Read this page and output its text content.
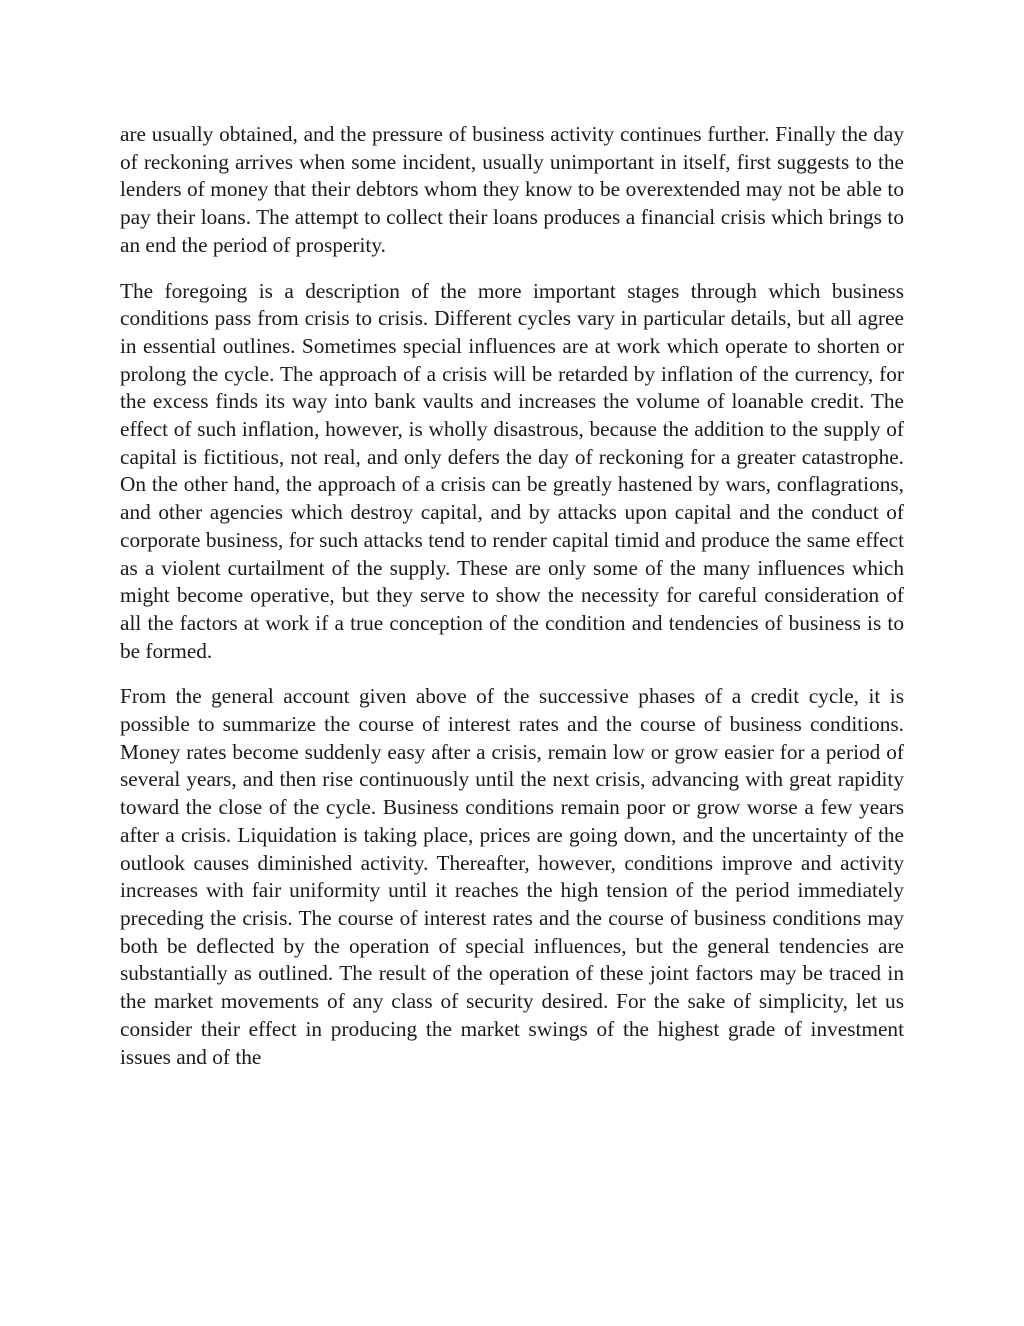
are usually obtained, and the pressure of business activity continues further. Finally the day of reckoning arrives when some incident, usually unimportant in itself, first suggests to the lenders of money that their debtors whom they know to be overextended may not be able to pay their loans. The attempt to collect their loans produces a financial crisis which brings to an end the period of prosperity.

The foregoing is a description of the more important stages through which business conditions pass from crisis to crisis. Different cycles vary in particular details, but all agree in essential outlines. Sometimes special influences are at work which operate to shorten or prolong the cycle. The approach of a crisis will be retarded by inflation of the currency, for the excess finds its way into bank vaults and increases the volume of loanable credit. The effect of such inflation, however, is wholly disastrous, because the addition to the supply of capital is fictitious, not real, and only defers the day of reckoning for a greater catastrophe. On the other hand, the approach of a crisis can be greatly hastened by wars, conflagrations, and other agencies which destroy capital, and by attacks upon capital and the conduct of corporate business, for such attacks tend to render capital timid and produce the same effect as a violent curtailment of the supply. These are only some of the many influences which might become operative, but they serve to show the necessity for careful consideration of all the factors at work if a true conception of the condition and tendencies of business is to be formed.

From the general account given above of the successive phases of a credit cycle, it is possible to summarize the course of interest rates and the course of business conditions. Money rates become suddenly easy after a crisis, remain low or grow easier for a period of several years, and then rise continuously until the next crisis, advancing with great rapidity toward the close of the cycle. Business conditions remain poor or grow worse a few years after a crisis. Liquidation is taking place, prices are going down, and the uncertainty of the outlook causes diminished activity. Thereafter, however, conditions improve and activity increases with fair uniformity until it reaches the high tension of the period immediately preceding the crisis. The course of interest rates and the course of business conditions may both be deflected by the operation of special influences, but the general tendencies are substantially as outlined. The result of the operation of these joint factors may be traced in the market movements of any class of security desired. For the sake of simplicity, let us consider their effect in producing the market swings of the highest grade of investment issues and of the
